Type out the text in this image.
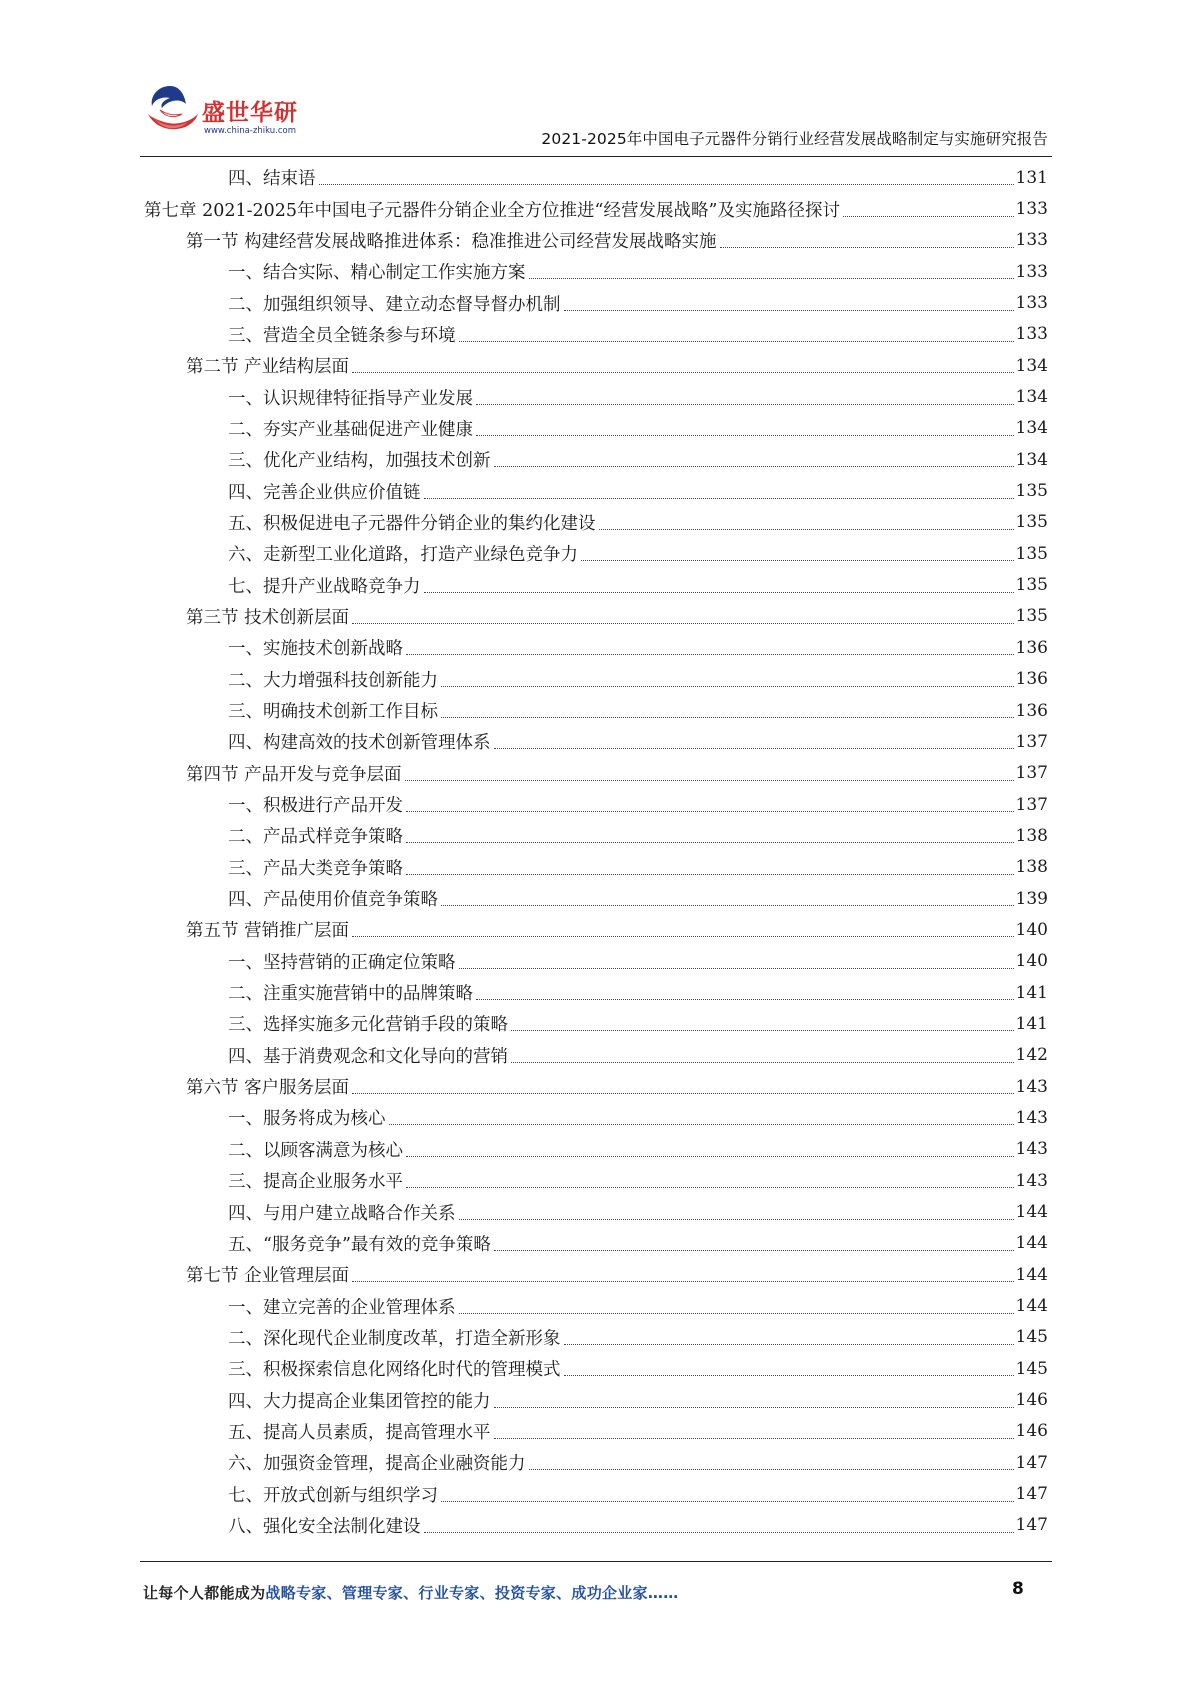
盛世华研
www.china-zhiku.com	2021-2025年中国电子元器件分销行业经营发展战略制定与实施研究报告
四、结束语	131
第七章 2021-2025年中国电子元器件分销企业全方位推进“经营发展战略”及实施路径探讨	133
第一节 构建经营发展战略推进体系：稳准推进公司经营发展战略实施	133
一、结合实际、精心制定工作实施方案	133
二、加强组织领导、建立动态督导督办机制	133
三、营造全员全链条参与环境	133
第二节 产业结构层面	134
一、认识规律特征指导产业发展	134
二、夯实产业基础促进产业健康	134
三、优化产业结构，加强技术创新	134
四、完善企业供应价值链	135
五、积极促进电子元器件分销企业的集约化建设	135
六、走新型工业化道路，打造产业绿色竞争力	135
七、提升产业战略竞争力	135
第三节 技术创新层面	135
一、实施技术创新战略	136
二、大力增强科技创新能力	136
三、明确技术创新工作目标	136
四、构建高效的技术创新管理体系	137
第四节 产品开发与竞争层面	137
一、积极进行产品开发	137
二、产品式样竞争策略	138
三、产品大类竞争策略	138
四、产品使用价值竞争策略	139
第五节 营销推广层面	140
一、坚持营销的正确定位策略	140
二、注重实施营销中的品牌策略	141
三、选择实施多元化营销手段的策略	141
四、基于消费观念和文化导向的营销	142
第六节 客户服务层面	143
一、服务将成为核心	143
二、以顾客满意为核心	143
三、提高企业服务水平	143
四、与用户建立战略合作关系	144
五、“服务竞争”最有效的竞争策略	144
第七节 企业管理层面	144
一、建立完善的企业管理体系	144
二、深化现代企业制度改革，打造全新形象	145
三、积极探索信息化网络化时代的管理模式	145
四、大力提高企业集团管控的能力	146
五、提高人员素质，提高管理水平	146
六、加强资金管理，提高企业融资能力	147
七、开放式创新与组织学习	147
八、强化安全法制化建设	147
让每个人都能成为战略专家、管理专家、行业专家、投资专家、成功企业家……	8
